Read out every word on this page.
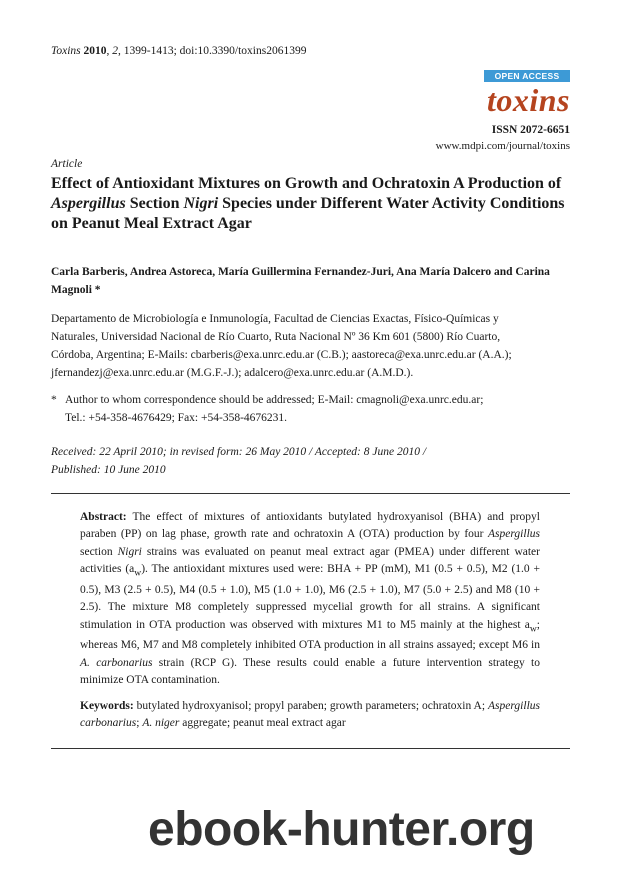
Toxins 2010, 2, 1399-1413; doi:10.3390/toxins2061399
OPEN ACCESS
toxins
ISSN 2072-6651
www.mdpi.com/journal/toxins
Article
Effect of Antioxidant Mixtures on Growth and Ochratoxin A Production of Aspergillus Section Nigri Species under Different Water Activity Conditions on Peanut Meal Extract Agar
Carla Barberis, Andrea Astoreca, María Guillermina Fernandez-Juri, Ana María Dalcero and Carina Magnoli *
Departamento de Microbiología e Inmunología, Facultad de Ciencias Exactas, Físico-Químicas y
Naturales, Universidad Nacional de Río Cuarto, Ruta Nacional Nº 36 Km 601 (5800) Río Cuarto,
Córdoba, Argentina; E-Mails: cbarberis@exa.unrc.edu.ar (C.B.); aastoreca@exa.unrc.edu.ar (A.A.);
jfernandezj@exa.unrc.edu.ar (M.G.F.-J.); adalcero@exa.unrc.edu.ar (A.M.D.).
* Author to whom correspondence should be addressed; E-Mail: cmagnoli@exa.unrc.edu.ar;
Tel.: +54-358-4676429; Fax: +54-358-4676231.
Received: 22 April 2010; in revised form: 26 May 2010 / Accepted: 8 June 2010 /
Published: 10 June 2010
Abstract: The effect of mixtures of antioxidants butylated hydroxyanisol (BHA) and propyl paraben (PP) on lag phase, growth rate and ochratoxin A (OTA) production by four Aspergillus section Nigri strains was evaluated on peanut meal extract agar (PMEA) under different water activities $(a_w)$. The antioxidant mixtures used were: BHA + PP (mM), M1 (0.5 + 0.5), M2 (1.0 + 0.5), M3 (2.5 + 0.5), M4 (0.5 + 1.0), M5 (1.0 + 1.0), M6 (2.5 + 1.0), M7 (5.0 + 2.5) and M8 (10 + 2.5). The mixture M8 completely suppressed mycelial growth for all strains. A significant stimulation in OTA production was observed with mixtures M1 to M5 mainly at the highest $a_w$; whereas M6, M7 and M8 completely inhibited OTA production in all strains assayed; except M6 in A. carbonarius strain (RCP G). These results could enable a future intervention strategy to minimize OTA contamination.
Keywords: butylated hydroxyanisol; propyl paraben; growth parameters; ochratoxin A; Aspergillus carbonarius; A. niger aggregate; peanut meal extract agar
ebook-hunter.org
